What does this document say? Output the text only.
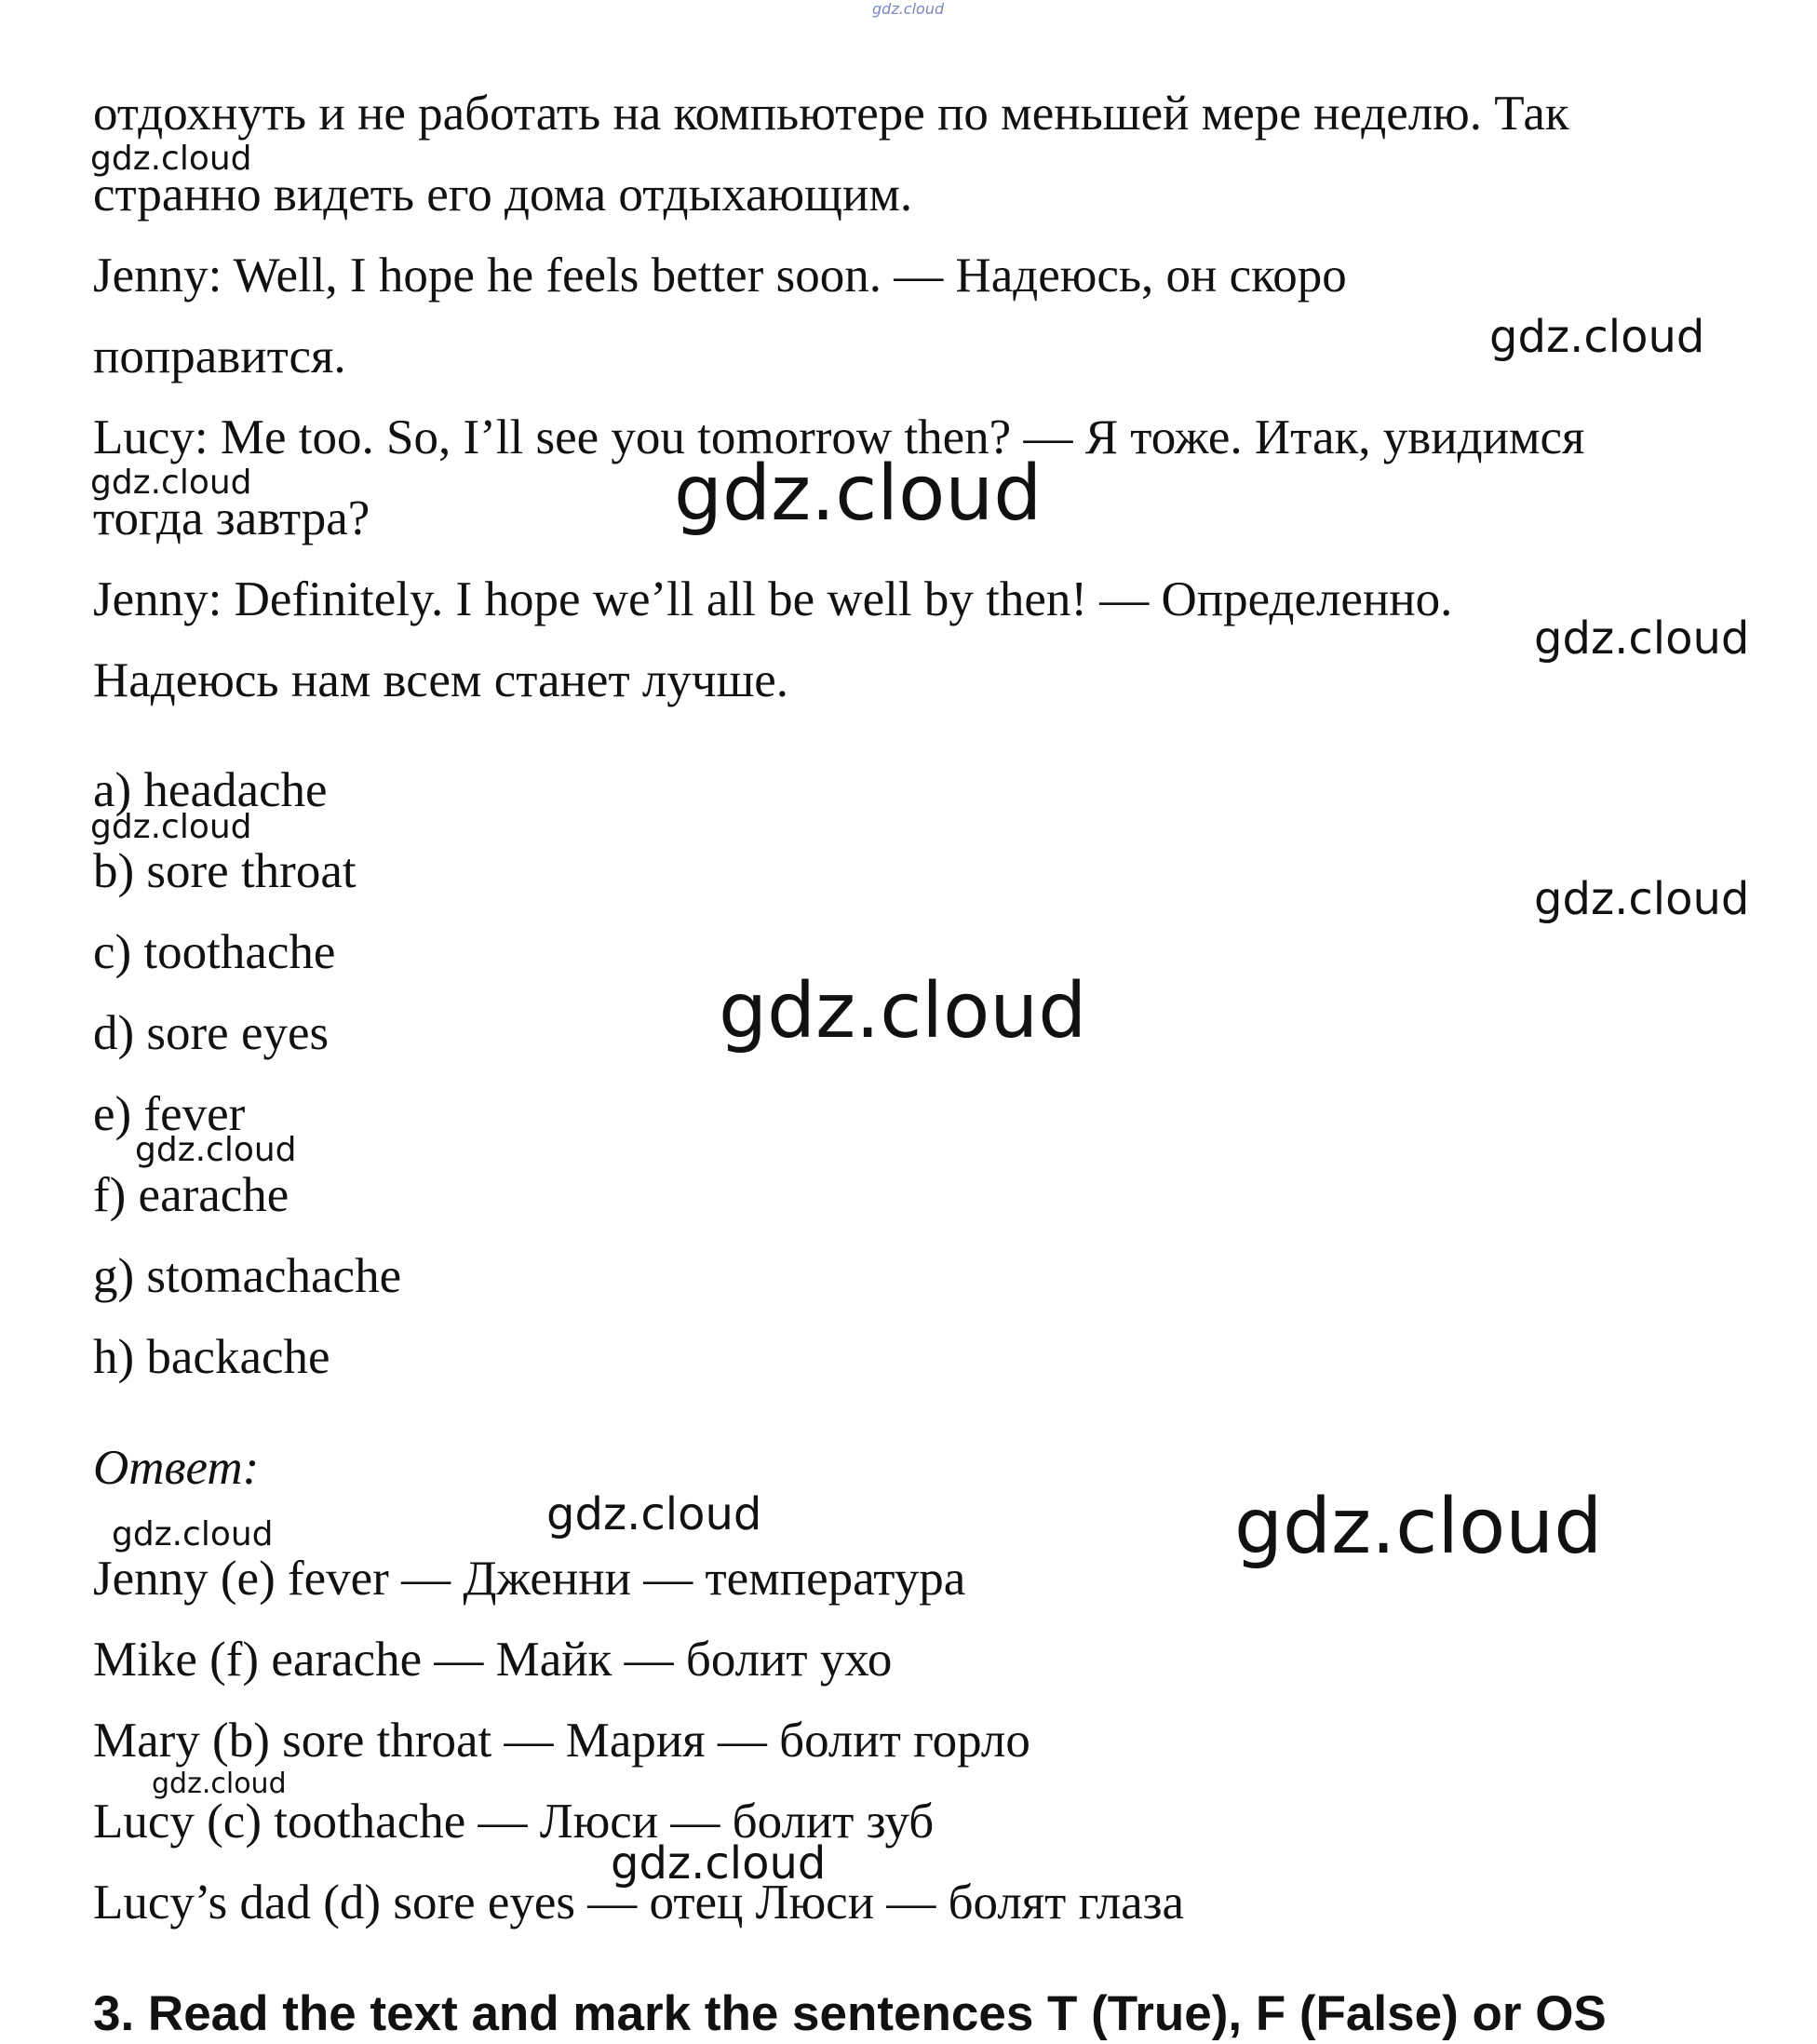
отдохнуть и не работать на компьютере по меньшей мере неделю. Так
странно видеть его дома отдыхающим.
Jenny: Well, I hope he feels better soon. — Надеюсь, он скоро
поправится.
Lucy: Me too. So, I’ll see you tomorrow then? — Я тоже. Итак, увидимся
тогда завтра?
Jenny: Definitely. I hope we’ll all be well by then! — Определенно.
Надеюсь нам всем станет лучше.
a) headache
b) sore throat
c) toothache
d) sore eyes
e) fever
f) earache
g) stomachache
h) backache
Ответ:
Jenny (e) fever — Дженни — температура
Mike (f) earache — Майк — болит ухо
Mary (b) sore throat — Мария — болит горло
Lucy (c) toothache — Люси — болит зуб
Lucy’s dad (d) sore eyes — отец Люси — болят глаза
3. Read the text and mark the sentences T (True), F (False) or OS
gdz.cloud
gdz.cloud
gdz.cloud
gdz.cloud	gdz.cloud
gdz.cloud
gdz.cloud
gdz.cloud
gdz.cloud
gdz.cloud
gdz.cloud	gdz.cloud	gdz.cloud
gdz.cloud
gdz.cloud
